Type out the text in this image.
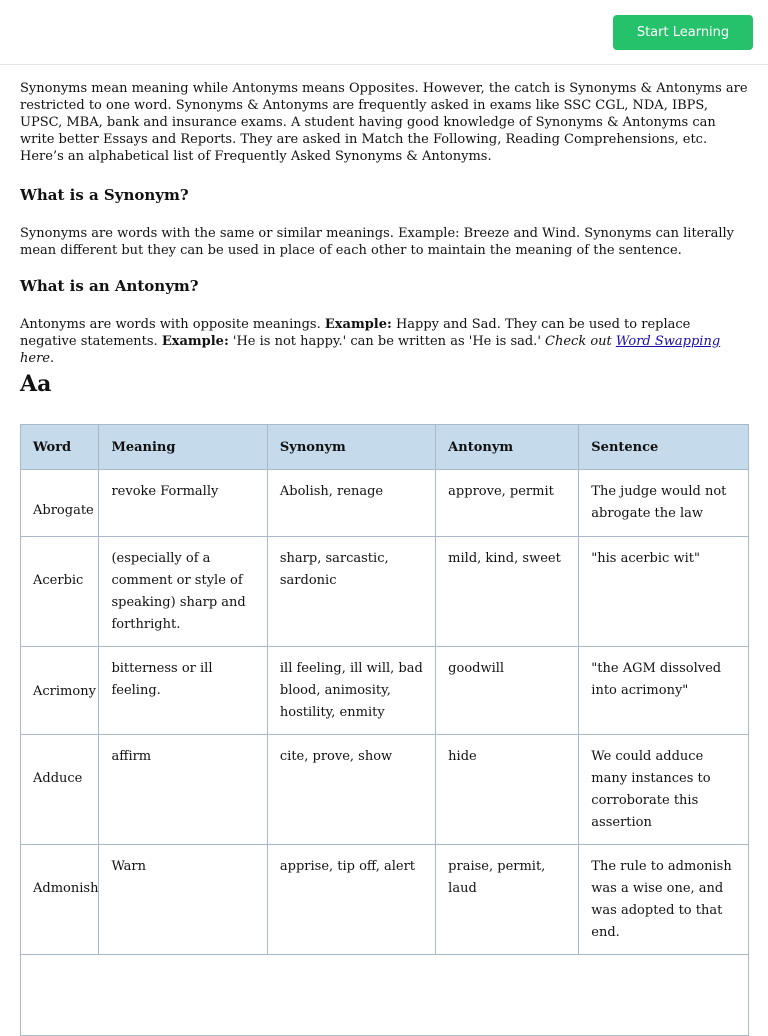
Start Learning

Synonyms mean meaning while Antonyms means Opposites. However, the catch is Synonyms & Antonyms are restricted to one word. Synonyms & Antonyms are frequently asked in exams like SSC CGL, NDA, IBPS, UPSC, MBA, bank and insurance exams. A student having good knowledge of Synonyms & Antonyms can write better Essays and Reports. They are asked in Match the Following, Reading Comprehensions, etc. Here’s an alphabetical list of Frequently Asked Synonyms & Antonyms.

What is a Synonym?

Synonyms are words with the same or similar meanings. Example: Breeze and Wind. Synonyms can literally mean different but they can be used in place of each other to maintain the meaning of the sentence.

What is an Antonym?

Antonyms are words with opposite meanings. Example: Happy and Sad. They can be used to replace negative statements. Example: 'He is not happy.' can be written as 'He is sad.' Check out Word Swapping here.

Aa
Word	Meaning	Synonym	Antonym	Sentence
Abrogate	revoke Formally	Abolish, renage	approve, permit	The judge would not abrogate the law
Acerbic	(especially of a comment or style of speaking) sharp and forthright.	sharp, sarcastic, sardonic	mild, kind, sweet	"his acerbic wit"
Acrimony	bitterness or ill feeling.	ill feeling, ill will, bad blood, animosity, hostility, enmity	goodwill	"the AGM dissolved into acrimony"
Adduce	affirm	cite, prove, show	hide	We could adduce many instances to corroborate this assertion
Admonish	Warn	apprise, tip off, alert	praise, permit, laud	The rule to admonish was a wise one, and was adopted to that end.
